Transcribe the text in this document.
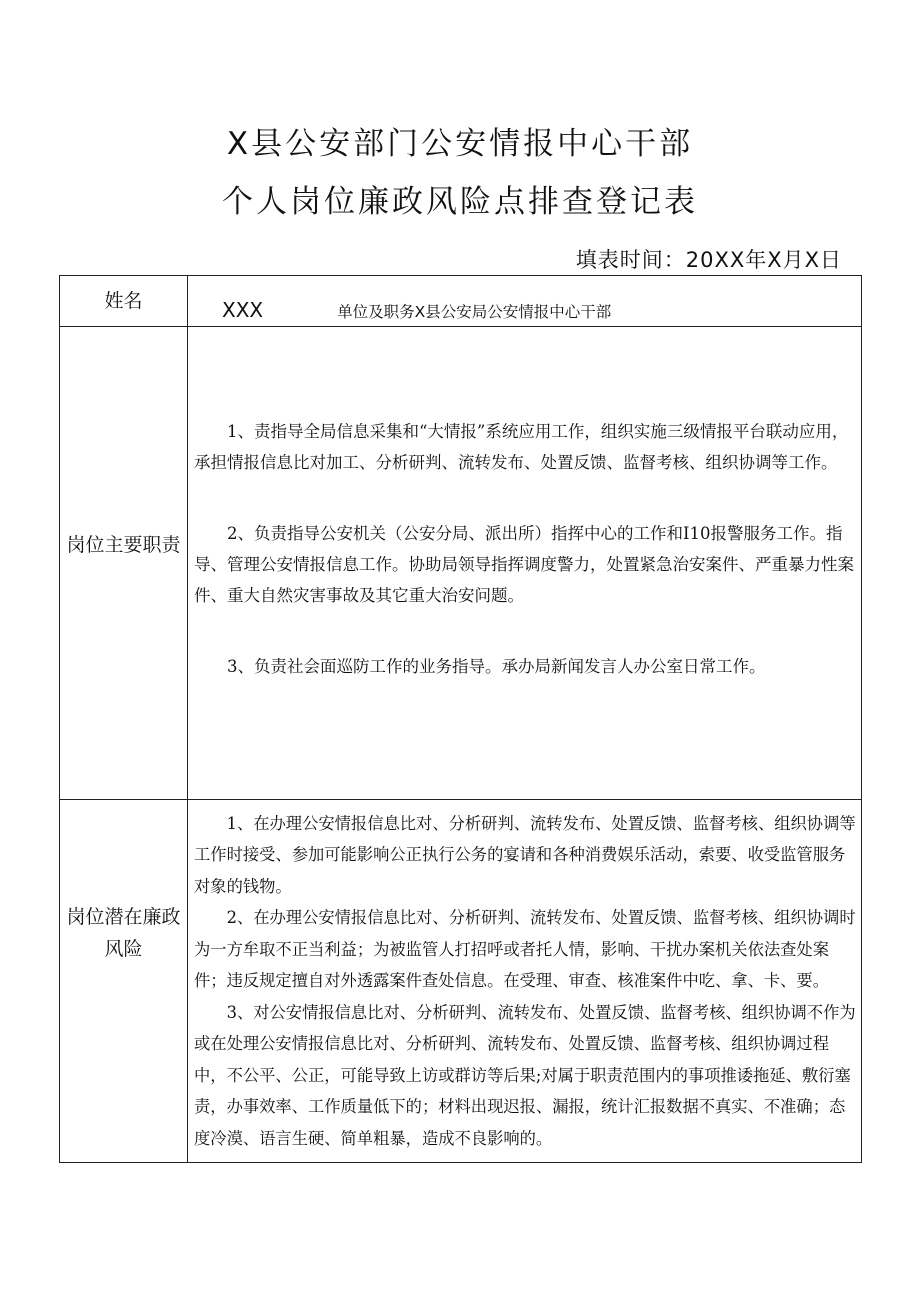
X县公安部门公安情报中心干部
个人岗位廉政风险点排查登记表
填表时间：20XX年X月X日
姓名	XXX 单位及职务X县公安局公安情报中心干部
岗位主要职责	1、责指导全局信息采集和“大情报”系统应用工作，组织实施三级情报平台联动应用，承担情报信息比对加工、分析研判、流转发布、处置反馈、监督考核、组织协调等工作。

2、负责指导公安机关（公安分局、派出所）指挥中心的工作和I10报警服务工作。指导、管理公安情报信息工作。协助局领导指挥调度警力，处置紧急治安案件、严重暴力性案件、重大自然灾害事故及其它重大治安问题。

3、负责社会面巡防工作的业务指导。承办局新闻发言人办公室日常工作。

岗位潜在廉政风险	1、在办理公安情报信息比对、分析研判、流转发布、处置反馈、监督考核、组织协调等工作时接受、参加可能影响公正执行公务的宴请和各种消费娱乐活动，索要、收受监管服务对象的钱物。

2、在办理公安情报信息比对、分析研判、流转发布、处置反馈、监督考核、组织协调时为一方牟取不正当利益；为被监管人打招呼或者托人情，影响、干扰办案机关依法查处案件；违反规定擅自对外透露案件查处信息。在受理、审查、核准案件中吃、拿、卡、要。

3、对公安情报信息比对、分析研判、流转发布、处置反馈、监督考核、组织协调不作为或在处理公安情报信息比对、分析研判、流转发布、处置反馈、监督考核、组织协调过程中，不公平、公正，可能导致上访或群访等后果;对属于职责范围内的事项推诿拖延、敷衍塞责，办事效率、工作质量低下的；材料出现迟报、漏报，统计汇报数据不真实、不准确；态度冷漠、语言生硬、简单粗暴，造成不良影响的。
